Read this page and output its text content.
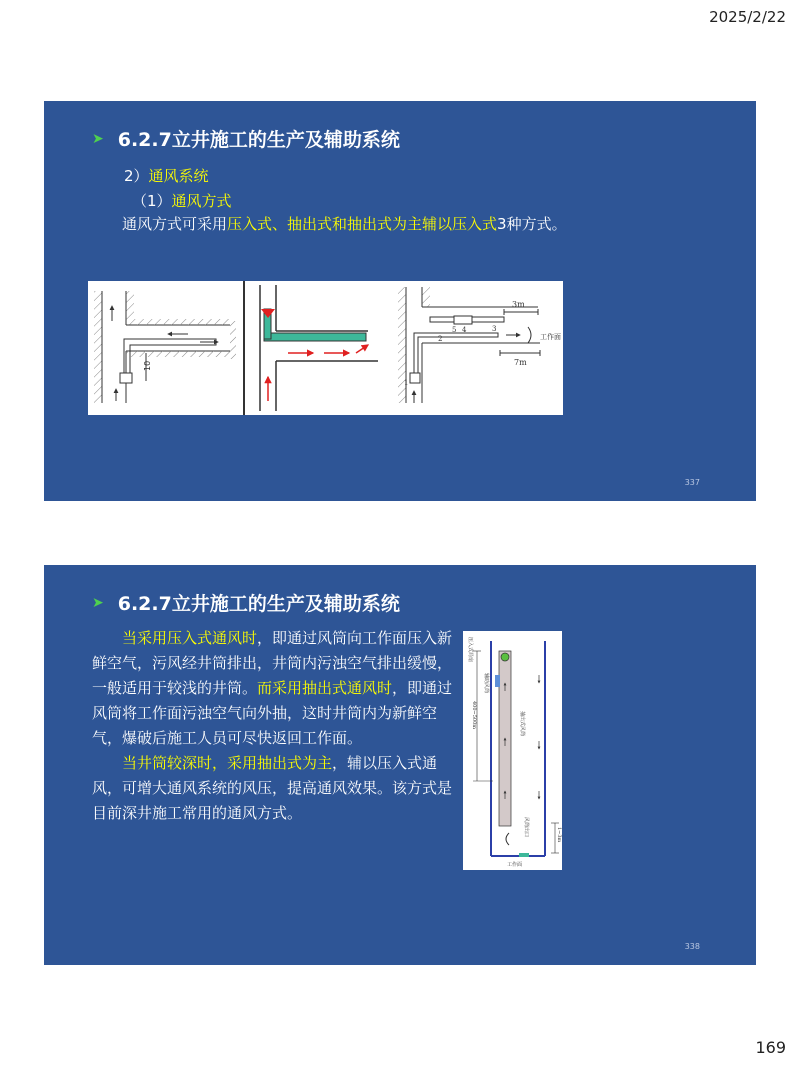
2025/2/22
➤ 6.2.7立井施工的生产及辅助系统
2）通风系统
（1）通风方式
通风方式可采用压入式、抽出式和抽出式为主辅以压入式3种方式。
10
3m
5 4	3
2
1
7m
工作面
337
➤ 6.2.7立井施工的生产及辅助系统
当采用压入式通风时，即通过风筒向工作面压入新鲜空气，污风经井筒排出，井筒内污浊空气排出缓慢，一般适用于较浅的井筒。而采用抽出式通风时，即通过风筒将工作面污浊空气向外抽，这时井筒内为新鲜空气，爆破后施工人员可尽快返回工作面。
当井筒较深时，采用抽出式为主，辅以压入式通风，可增大通风系统的风压，提高通风效果。该方式是目前深井施工常用的通风方式。
压入式局扇
辅助风筒
400~500m	抽出式风筒
1~3m
风筒出口
工作面
338
169
